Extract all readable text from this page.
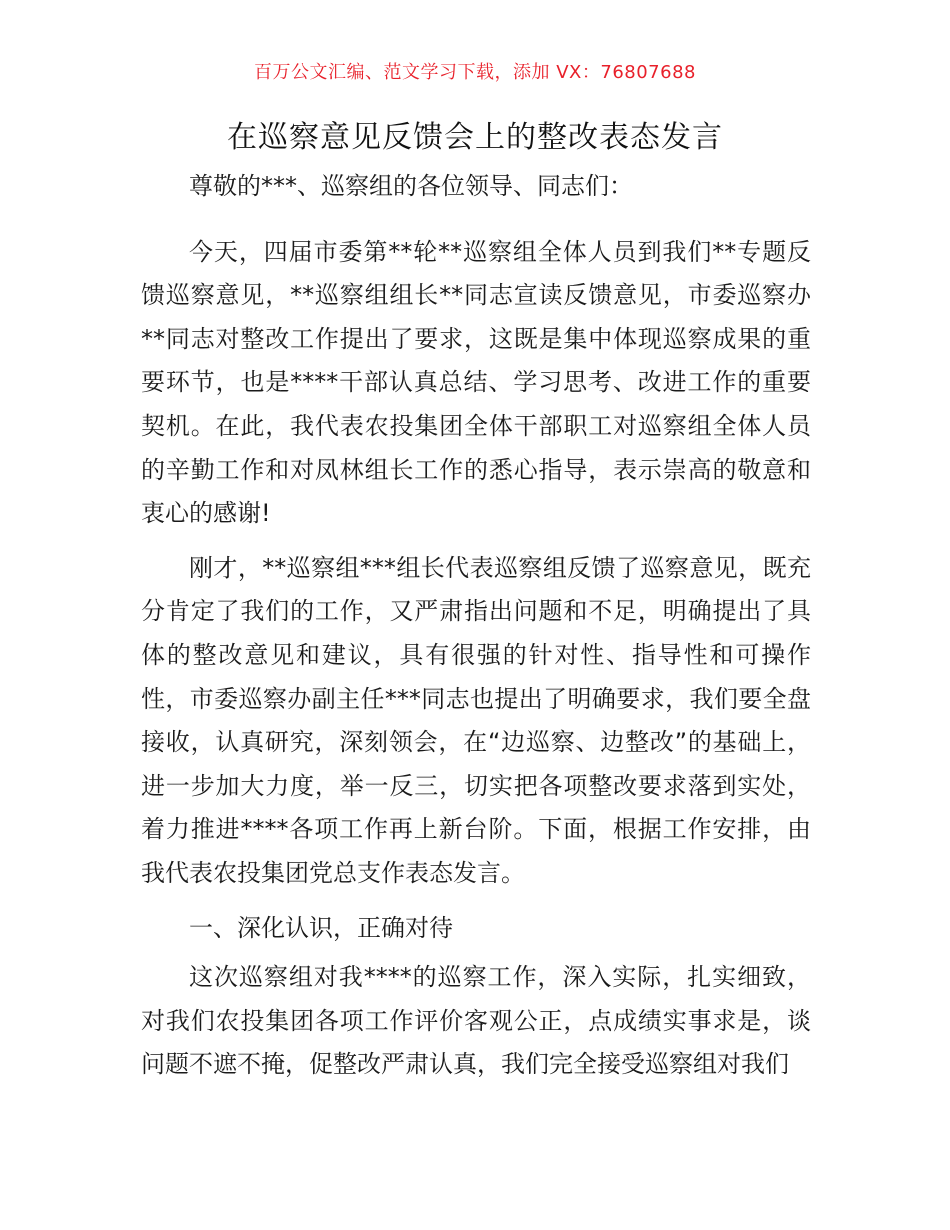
百万公文汇编、范文学习下载，添加 VX：76807688
在巡察意见反馈会上的整改表态发言

尊敬的***、巡察组的各位领导、同志们：

今天，四届市委第**轮**巡察组全体人员到我们**专题反馈巡察意见，**巡察组组长**同志宣读反馈意见，市委巡察办**同志对整改工作提出了要求，这既是集中体现巡察成果的重要环节，也是****干部认真总结、学习思考、改进工作的重要契机。在此，我代表农投集团全体干部职工对巡察组全体人员的辛勤工作和对凤林组长工作的悉心指导，表示崇高的敬意和衷心的感谢!

刚才，**巡察组***组长代表巡察组反馈了巡察意见，既充分肯定了我们的工作，又严肃指出问题和不足，明确提出了具体的整改意见和建议，具有很强的针对性、指导性和可操作性，市委巡察办副主任***同志也提出了明确要求，我们要全盘接收，认真研究，深刻领会，在“边巡察、边整改”的基础上，进一步加大力度，举一反三，切实把各项整改要求落到实处，着力推进****各项工作再上新台阶。下面，根据工作安排，由我代表农投集团党总支作表态发言。

一、深化认识，正确对待

这次巡察组对我****的巡察工作，深入实际，扎实细致，对我们农投集团各项工作评价客观公正，点成绩实事求是，谈问题不遮不掩，促整改严肃认真，我们完全接受巡察组对我们
